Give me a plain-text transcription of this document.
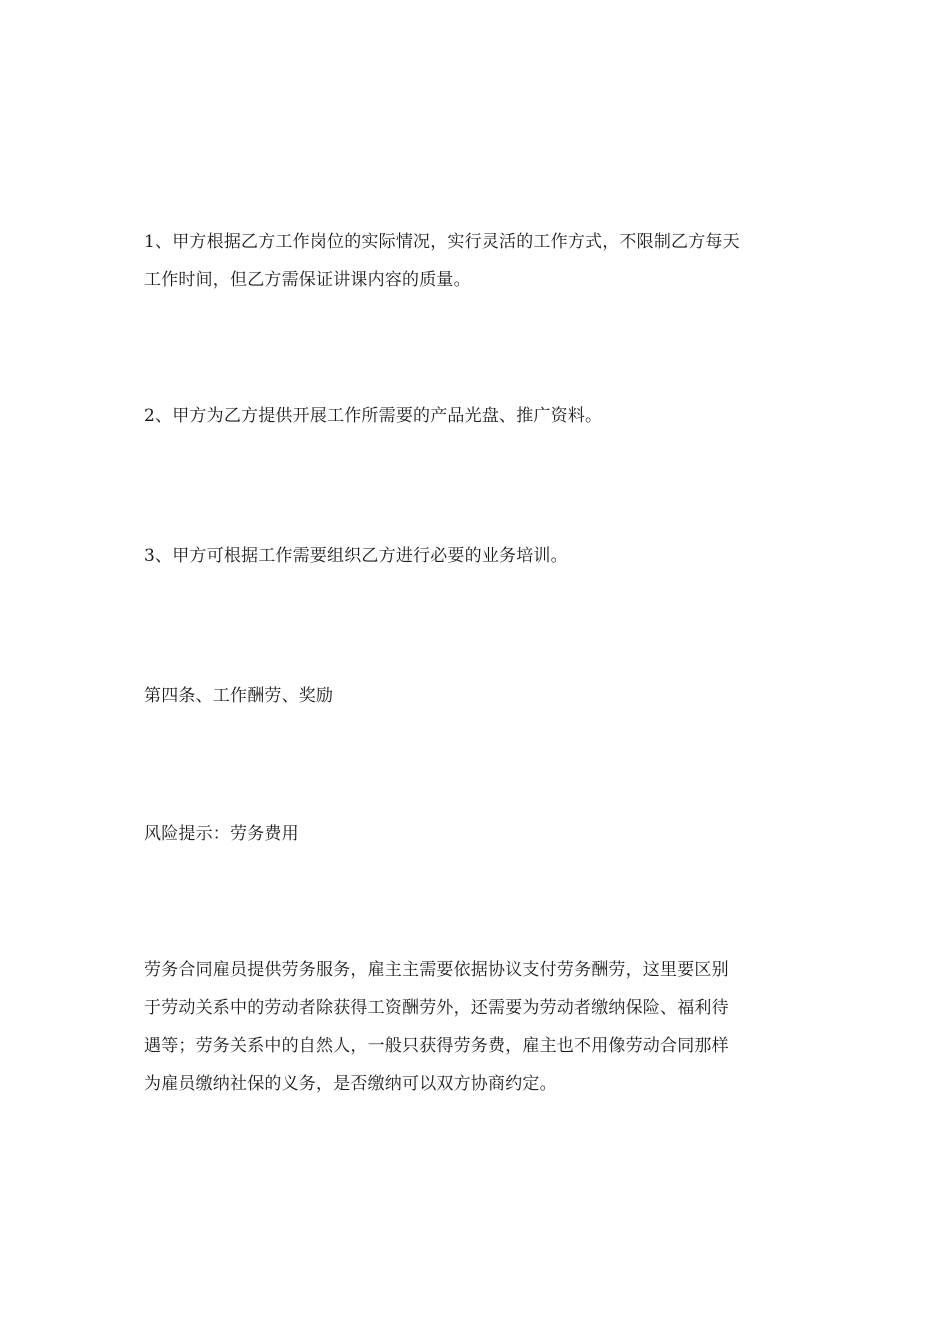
1、甲方根据乙方工作岗位的实际情况，实行灵活的工作方式，不限制乙方每天
工作时间，但乙方需保证讲课内容的质量。

2、甲方为乙方提供开展工作所需要的产品光盘、推广资料。

3、甲方可根据工作需要组织乙方进行必要的业务培训。

第四条、工作酬劳、奖励

风险提示：劳务费用

劳务合同雇员提供劳务服务，雇主主需要依据协议支付劳务酬劳，这里要区别
于劳动关系中的劳动者除获得工资酬劳外，还需要为劳动者缴纳保险、福利待
遇等；劳务关系中的自然人，一般只获得劳务费，雇主也不用像劳动合同那样
为雇员缴纳社保的义务，是否缴纳可以双方协商约定。
